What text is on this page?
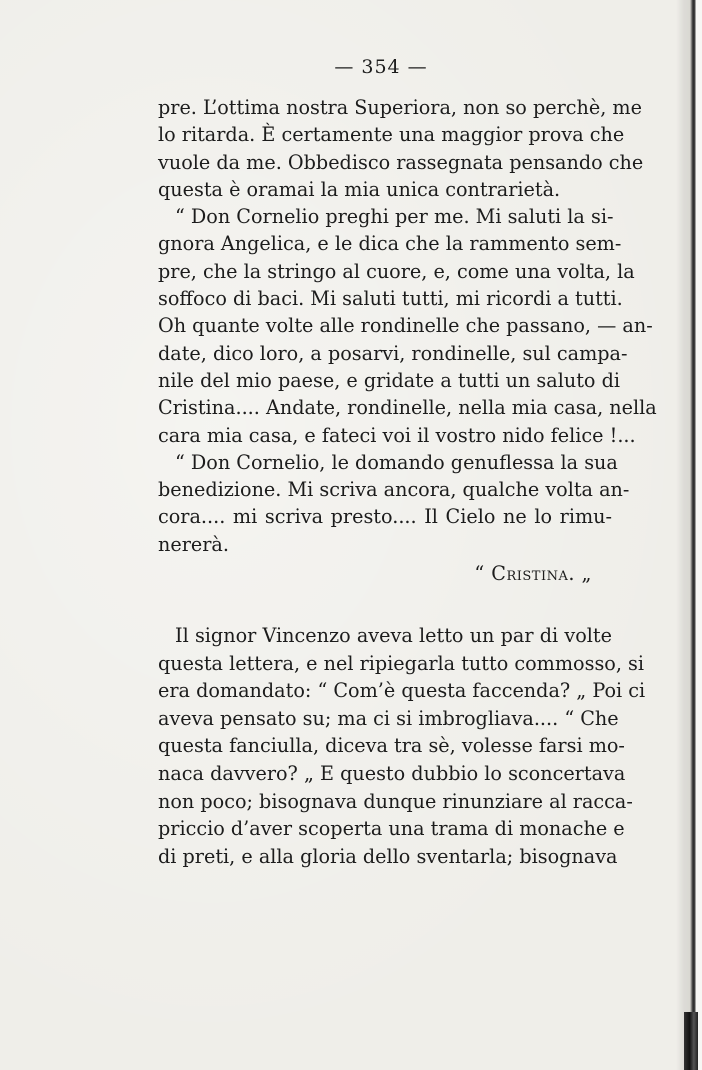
— 354 —
pre. L’ottima nostra Superiora, non so perchè, me
lo ritarda. È certamente una maggior prova che
vuole da me. Obbedisco rassegnata pensando che
questa è oramai la mia unica contrarietà.
“ Don Cornelio preghi per me. Mi saluti la si-
gnora Angelica, e le dica che la rammento sem-
pre, che la stringo al cuore, e, come una volta, la
soffoco di baci. Mi saluti tutti, mi ricordi a tutti.
Oh quante volte alle rondinelle che passano, — an-
date, dico loro, a posarvi, rondinelle, sul campa-
nile del mio paese, e gridate a tutti un saluto di
Cristina.... Andate, rondinelle, nella mia casa, nella
cara mia casa, e fateci voi il vostro nido felice !...
“ Don Cornelio, le domando genuflessa la sua
benedizione. Mi scriva ancora, qualche volta an-
cora.... mi scriva presto.... Il Cielo ne lo rimu-
nererà.
“ Cristina. „
Il signor Vincenzo aveva letto un par di volte
questa lettera, e nel ripiegarla tutto commosso, si
era domandato: “ Com’è questa faccenda? „ Poi ci
aveva pensato su; ma ci si imbrogliava.... “ Che
questa fanciulla, diceva tra sè, volesse farsi mo-
naca davvero? „ E questo dubbio lo sconcertava
non poco; bisognava dunque rinunziare al racca-
priccio d’aver scoperta una trama di monache e
di preti, e alla gloria dello sventarla; bisognava
